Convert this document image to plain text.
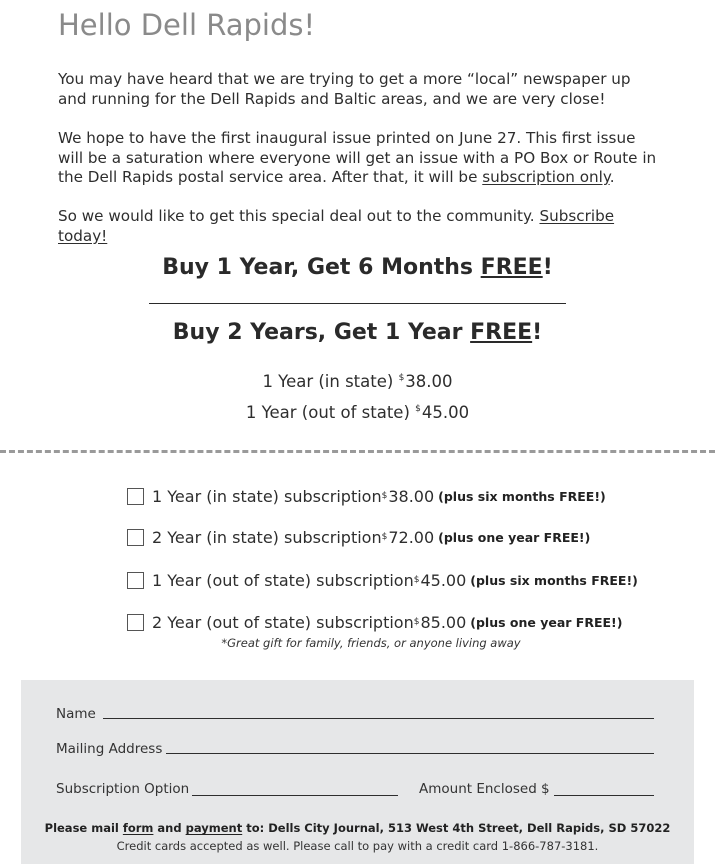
Hello Dell Rapids!

You may have heard that we are trying to get a more “local” newspaper up and running for the Dell Rapids and Baltic areas, and we are very close!

We hope to have the first inaugural issue printed on June 27. This first issue will be a saturation where everyone will get an issue with a PO Box or Route in the Dell Rapids postal service area. After that, it will be subscription only.

So we would like to get this special deal out to the community. Subscribe today!

Buy 1 Year, Get 6 Months FREE!
Buy 2 Years, Get 1 Year FREE!
1 Year (in state) $38.00
1 Year (out of state) $45.00
1 Year (in state) subscription $ 38.00 (plus six months FREE!)
2 Year (in state) subscription $ 72.00 (plus one year FREE!)
1 Year (out of state) subscription $ 45.00 (plus six months FREE!)
2 Year (out of state) subscription $ 85.00 (plus one year FREE!)
*Great gift for family, friends, or anyone living away
Name
Mailing Address
Subscription Option	Amount Enclosed $
Please mail form and payment to: Dells City Journal, 513 West 4th Street, Dell Rapids, SD 57022
Credit cards accepted as well. Please call to pay with a credit card 1-866-787-3181.
